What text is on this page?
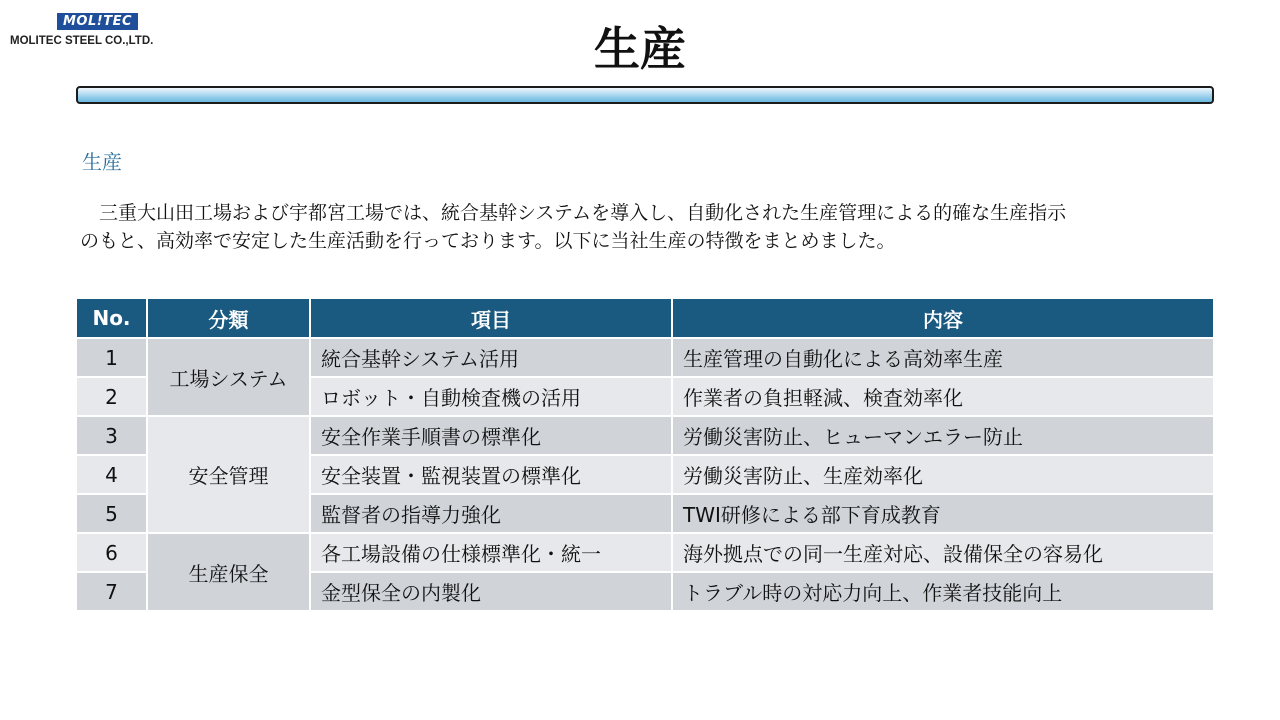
MOL!TEC
MOLITEC STEEL CO.,LTD.	生産
生産
三重大山田工場および宇都宮工場では、統合基幹システムを導入し、自動化された生産管理による的確な生産指示
のもと、高効率で安定した生産活動を行っております。以下に当社生産の特徴をまとめました。
No.	分類	項目	内容
1	工場システム	統合基幹システム活用	生産管理の自動化による高効率生産
2		ロボット・自動検査機の活用	作業者の負担軽減、検査効率化
3	安全管理	安全作業手順書の標準化	労働災害防止、ヒューマンエラー防止
4		安全装置・監視装置の標準化	労働災害防止、生産効率化
5		監督者の指導力強化	TWI研修による部下育成教育
6	生産保全	各工場設備の仕様標準化・統一	海外拠点での同一生産対応、設備保全の容易化
7		金型保全の内製化	トラブル時の対応力向上、作業者技能向上
